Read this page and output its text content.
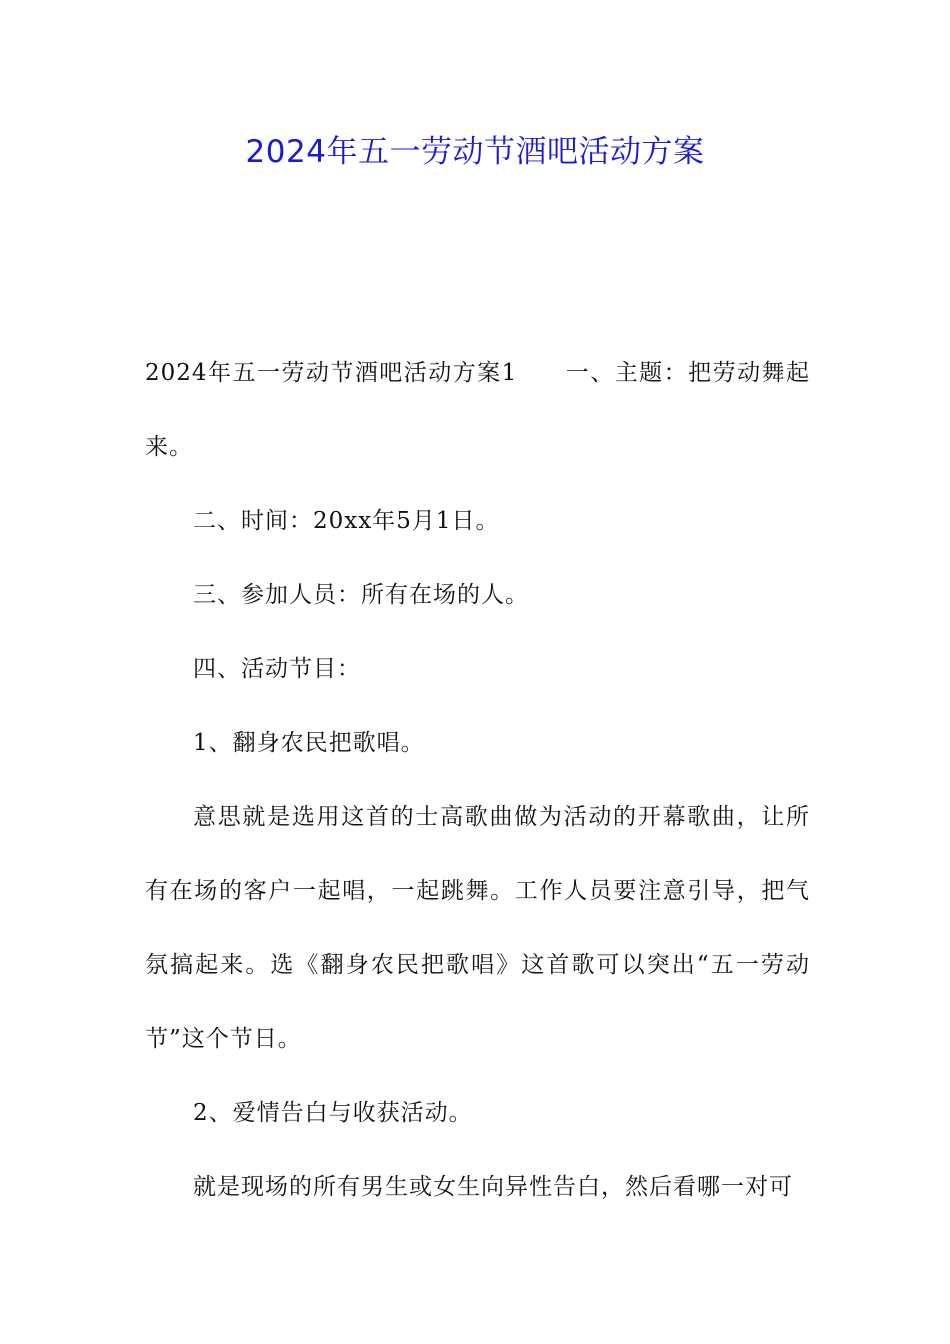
2024年五一劳动节酒吧活动方案

2024年五一劳动节酒吧活动方案1 一、主题：把劳动舞起来。

二、时间：20xx年5月1日。

三、参加人员：所有在场的人。

四、活动节目：

1、翻身农民把歌唱。

意思就是选用这首的士高歌曲做为活动的开幕歌曲，让所有在场的客户一起唱，一起跳舞。工作人员要注意引导，把气氛搞起来。选《翻身农民把歌唱》这首歌可以突出“五一劳动节”这个节日。

2、爱情告白与收获活动。

就是现场的所有男生或女生向异性告白，然后看哪一对可
